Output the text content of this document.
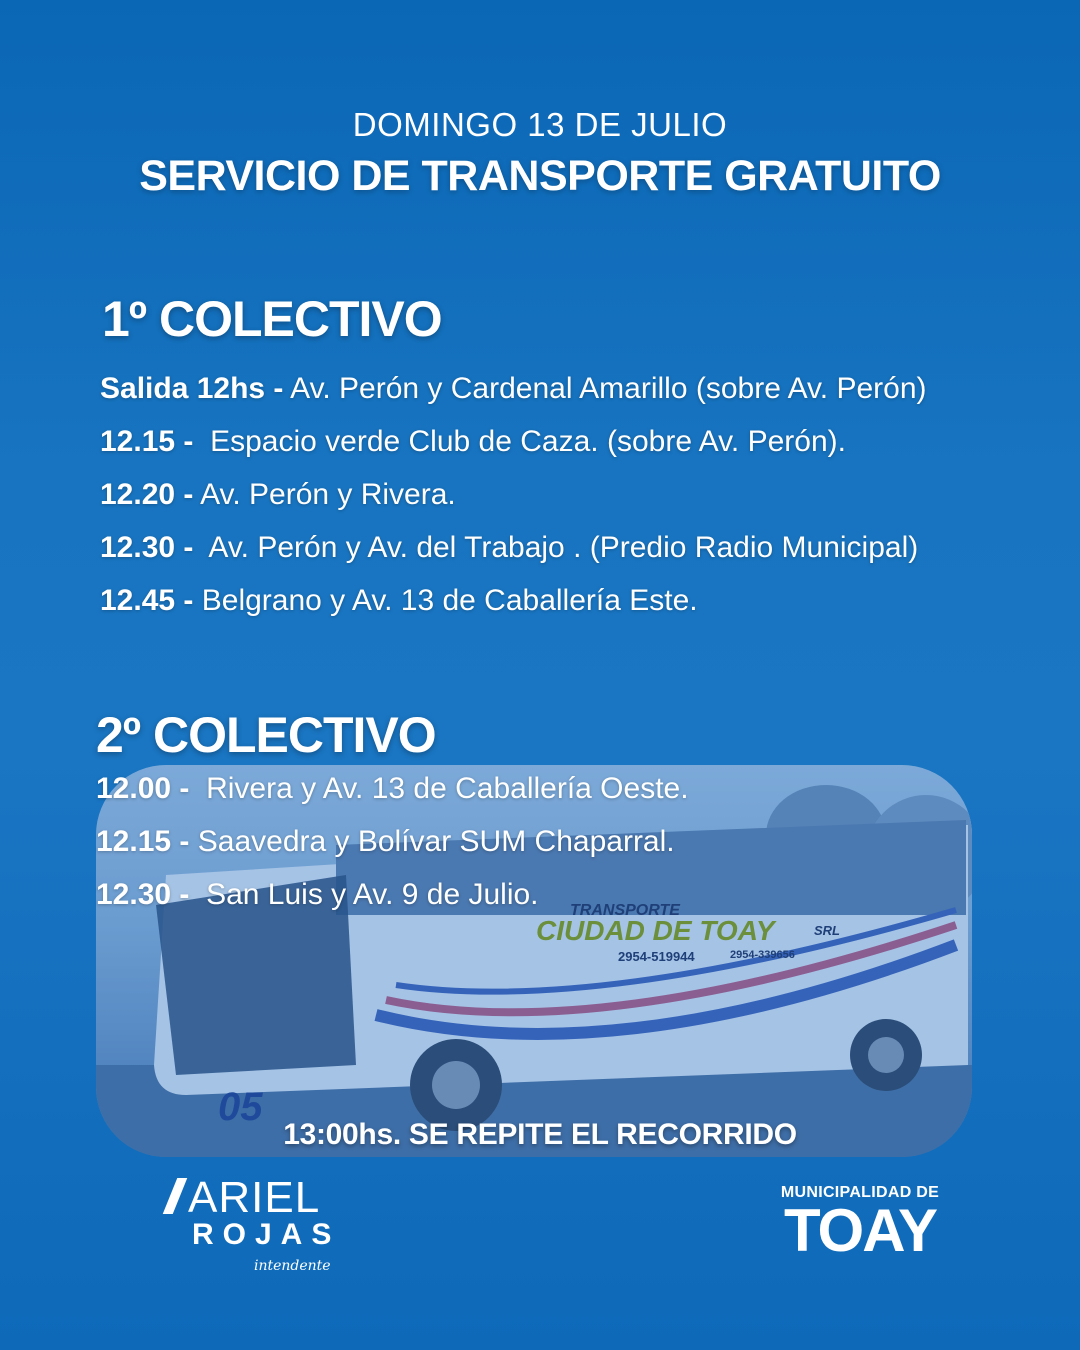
DOMINGO 13 DE JULIO
SERVICIO DE TRANSPORTE GRATUITO
1º COLECTIVO
Salida 12hs - Av. Perón y Cardenal Amarillo (sobre Av. Perón)
12.15 - Espacio verde Club de Caza. (sobre Av. Perón).
12.20 - Av. Perón y Rivera.
12.30 - Av. Perón y Av. del Trabajo . (Predio Radio Municipal)
12.45 - Belgrano y Av. 13 de Caballería Este.
2º COLECTIVO
12.00 - Rivera y Av. 13 de Caballería Oeste.
12.15 - Saavedra y Bolívar SUM Chaparral.
12.30 - San Luis y Av. 9 de Julio.	TRANSPORTE
CIUDAD DE TOAY	SRL
2954-519944	2954-339656
05
13:00hs. SE REPITE EL RECORRIDO
ARIEL
ROJAS
intendente
MUNICIPALIDAD DE
TOAY
